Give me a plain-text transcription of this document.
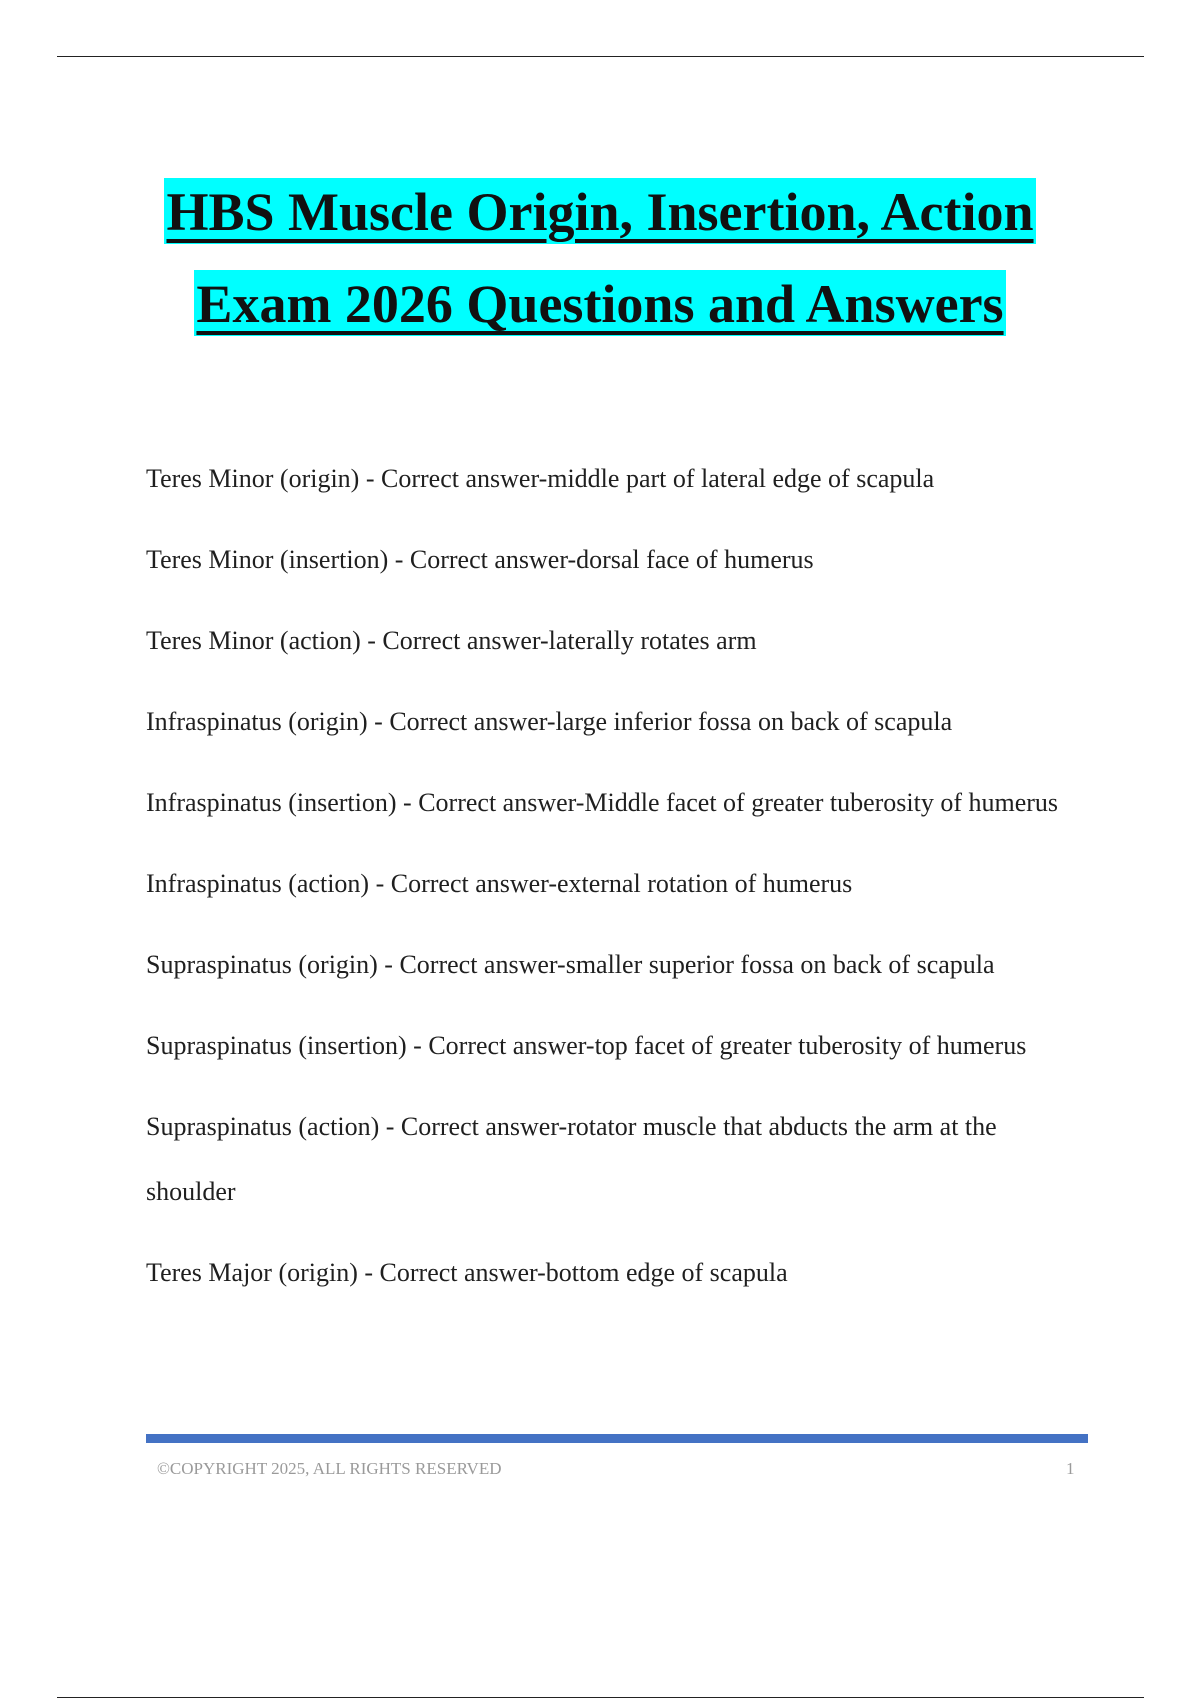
HBS Muscle Origin, Insertion, Action
Exam 2026 Questions and Answers

Teres Minor (origin) - Correct answer-middle part of lateral edge of scapula

Teres Minor (insertion) - Correct answer-dorsal face of humerus

Teres Minor (action) - Correct answer-laterally rotates arm

Infraspinatus (origin) - Correct answer-large inferior fossa on back of scapula

Infraspinatus (insertion) - Correct answer-Middle facet of greater tuberosity of humerus

Infraspinatus (action) - Correct answer-external rotation of humerus

Supraspinatus (origin) - Correct answer-smaller superior fossa on back of scapula

Supraspinatus (insertion) - Correct answer-top facet of greater tuberosity of humerus

Supraspinatus (action) - Correct answer-rotator muscle that abducts the arm at the shoulder

Teres Major (origin) - Correct answer-bottom edge of scapula

©COPYRIGHT 2025, ALL RIGHTS RESERVED	1
